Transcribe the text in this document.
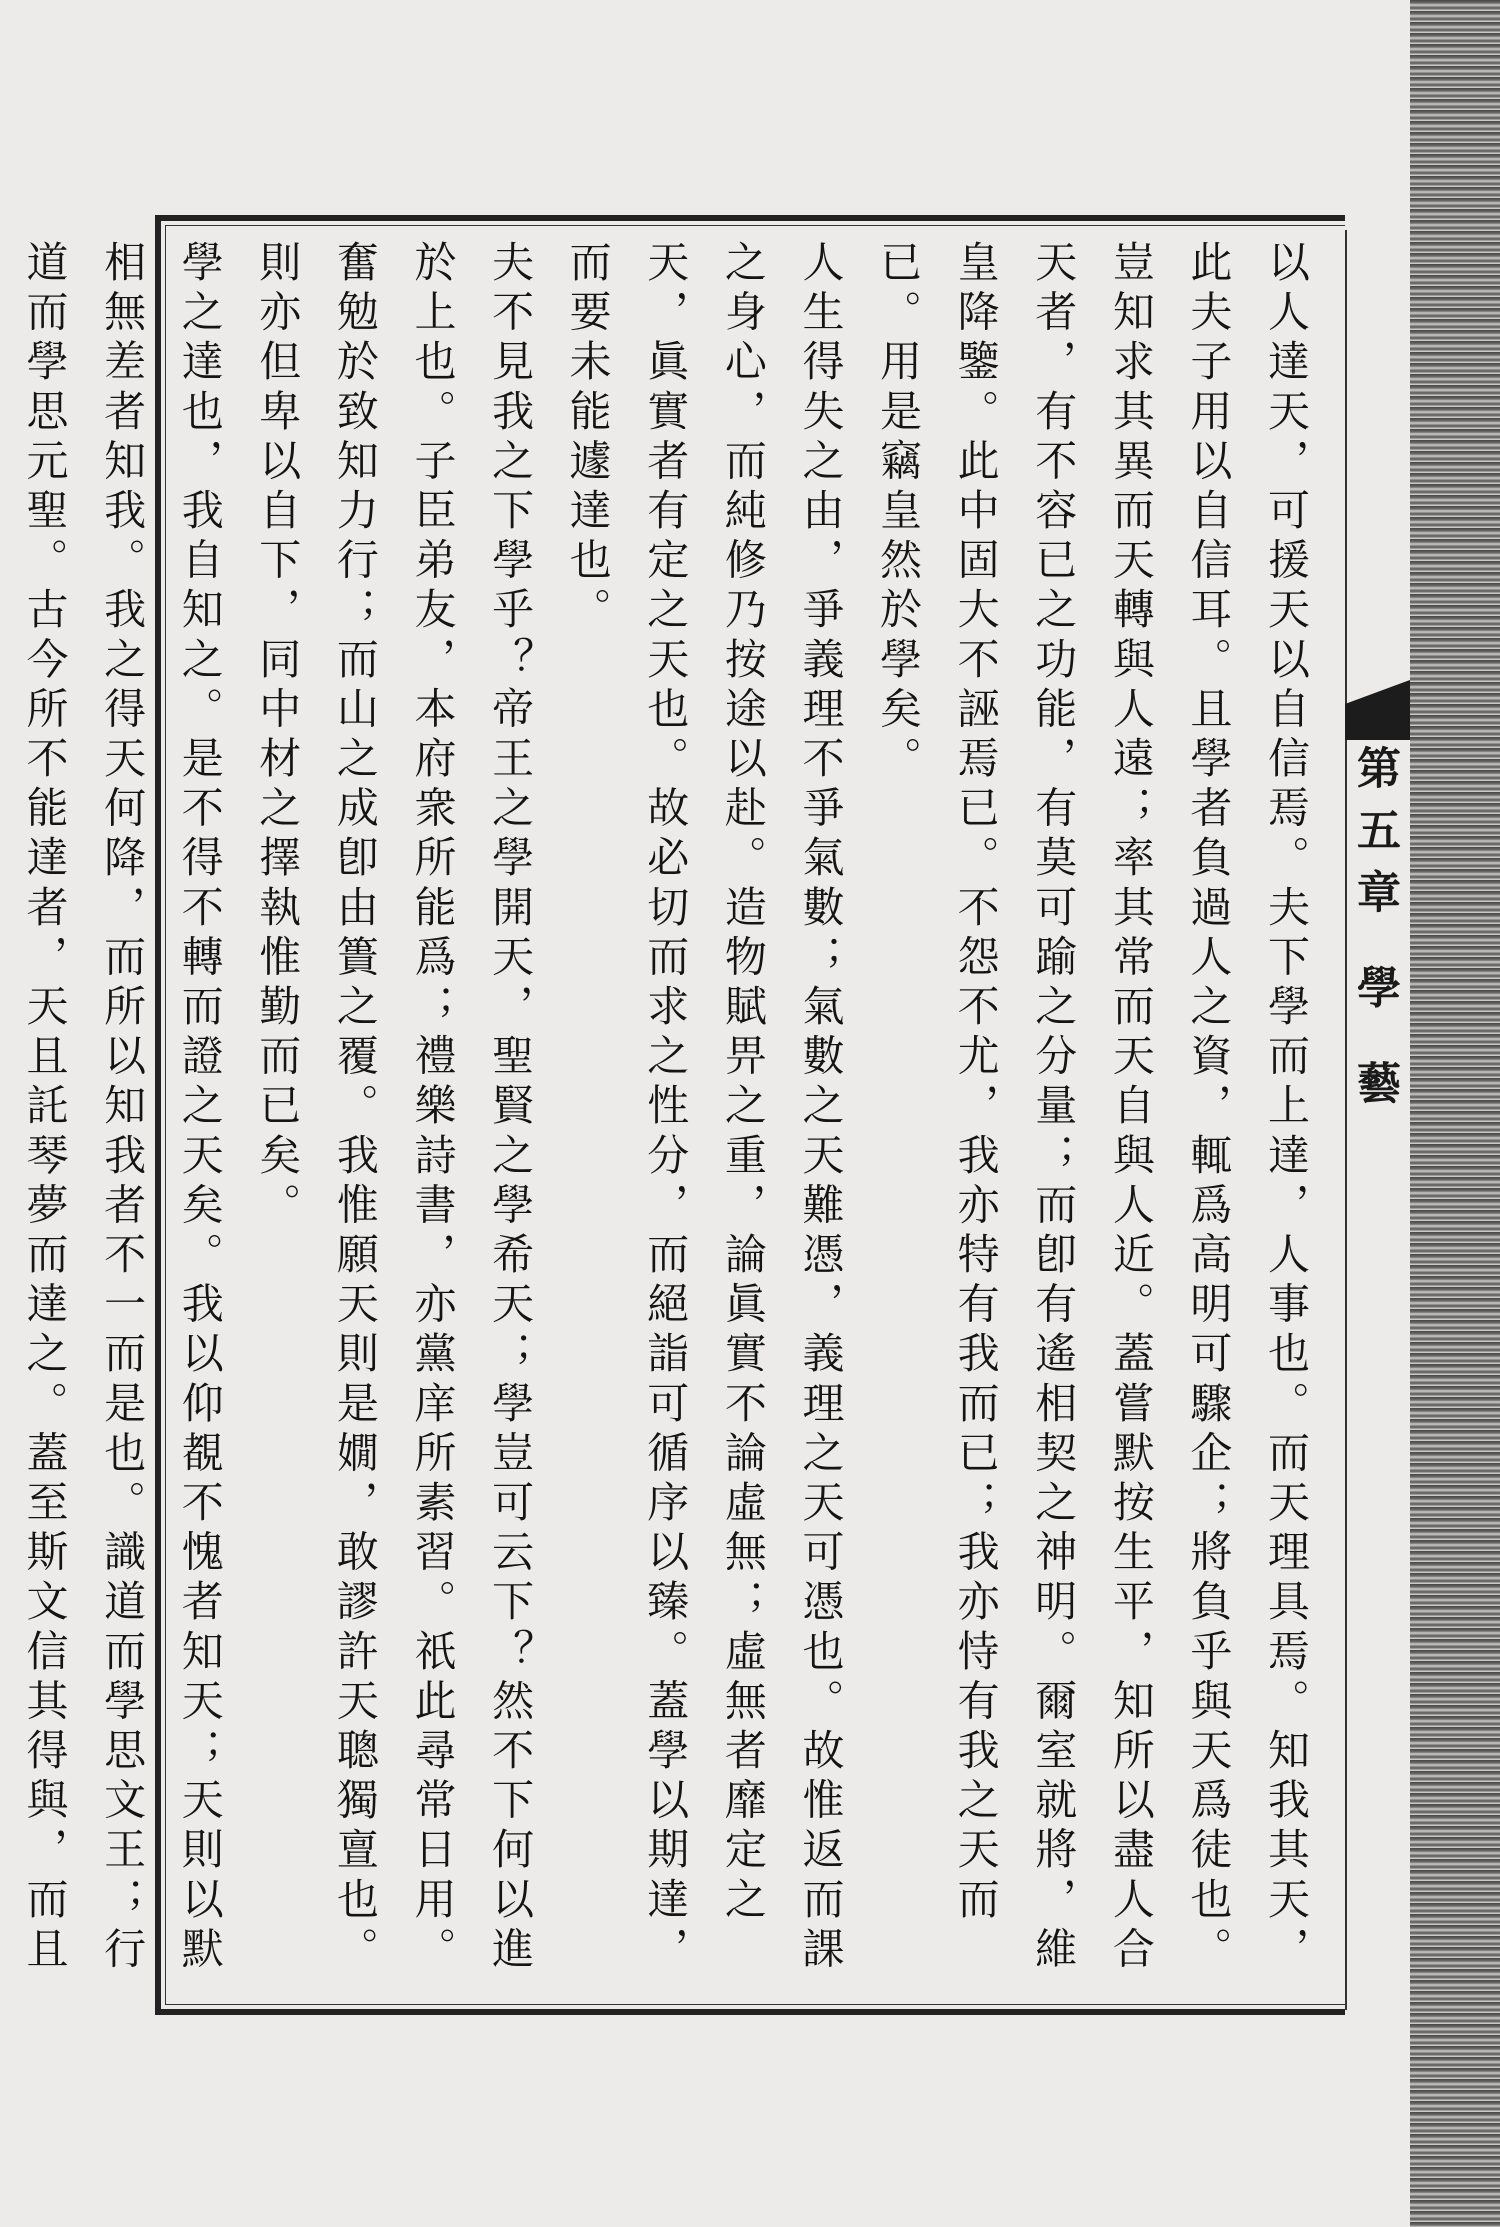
第五章 學 藝
以人達天，可援天以自信焉。夫下學而上達，人事也。而天理具焉。知我其天，此夫子用以自信耳。且學者負過人之資，輒爲高明可驟企；將負乎與天爲徒也。豈知求其異而天轉與人遠；率其常而天自與人近。蓋嘗默按生平，知所以盡人合天者，有不容已之功能，有莫可踰之分量；而卽有遙相契之神明。爾室就將，維皇降鑒。此中固大不誣焉已。不怨不尤，我亦特有我而已；我亦恃有我之天而已。用是竊皇然於學矣。
人生得失之由，爭義理不爭氣數；氣數之天難憑，義理之天可憑也。故惟返而課之身心，而純修乃按途以赴。造物賦畀之重，論眞實不論虛無；虛無者靡定之天，眞實者有定之天也。故必切而求之性分，而絕詣可循序以臻。蓋學以期達，而要未能遽達也。
夫不見我之下學乎？帝王之學開天，聖賢之學希天；學豈可云下？然不下何以進於上也。子臣弟友，本府衆所能爲；禮樂詩書，亦黨庠所素習。祇此尋常日用。奮勉於致知力行；而山之成卽由簣之覆。我惟願天則是嫺，敢謬許天聰獨亶也。則亦但卑以自下，同中材之擇執惟勤而已矣。
學之達也，我自知之。是不得不轉而證之天矣。我以仰覩不愧者知天；天則以默相無差者知我。我之得天何降，而所以知我者不一而是也。識道而學思文王；行道而學思元聖。古今所不能達者，天且託琴夢而達之。蓋至斯文信其得與，而且
